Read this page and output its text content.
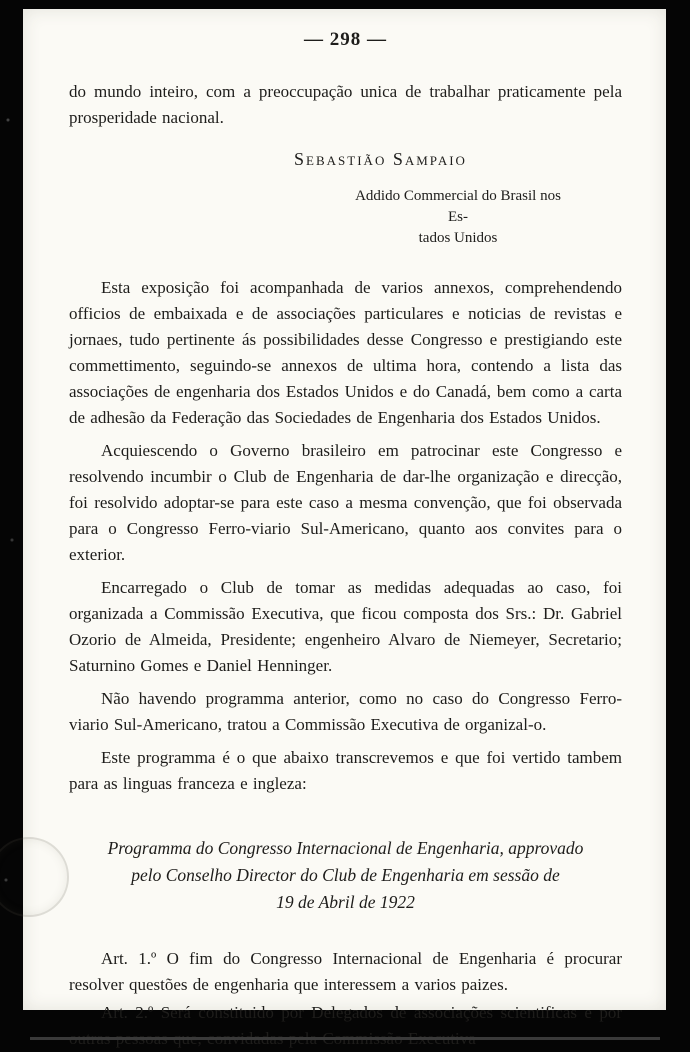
— 298 —

do mundo inteiro, com a preoccupação unica de trabalhar praticamente pela prosperidade nacional.

Sebastião Sampaio
Addido Commercial do Brasil nos Es-
tados Unidos

Esta exposição foi acompanhada de varios annexos, comprehendendo officios de embaixada e de associações particulares e noticias de revistas e jornaes, tudo pertinente ás possibilidades desse Congresso e prestigiando este commettimento, seguindo-se annexos de ultima hora, contendo a lista das associações de engenharia dos Estados Unidos e do Canadá, bem como a carta de adhesão da Federação das Sociedades de Engenharia dos Estados Unidos.

Acquiescendo o Governo brasileiro em patrocinar este Congresso e resolvendo incumbir o Club de Engenharia de dar-lhe organização e direcção, foi resolvido adoptar-se para este caso a mesma convenção, que foi observada para o Congresso Ferro-viario Sul-Americano, quanto aos convites para o exterior.

Encarregado o Club de tomar as medidas adequadas ao caso, foi organizada a Commissão Executiva, que ficou composta dos Srs.: Dr. Gabriel Ozorio de Almeida, Presidente; engenheiro Alvaro de Niemeyer, Secretario; Saturnino Gomes e Daniel Henninger.

Não havendo programma anterior, como no caso do Congresso Ferro-viario Sul-Americano, tratou a Commissão Executiva de organizal-o.

Este programma é o que abaixo transcrevemos e que foi vertido tambem para as linguas franceza e ingleza:

Programma do Congresso Internacional de Engenharia, approvado
pelo Conselho Director do Club de Engenharia em sessão de
19 de Abril de 1922

Art. 1.º O fim do Congresso Internacional de Engenharia é procurar resolver questões de engenharia que interessem a varios paizes.

Art. 2.º Será constituido por Delegados de associações scientificas e por
